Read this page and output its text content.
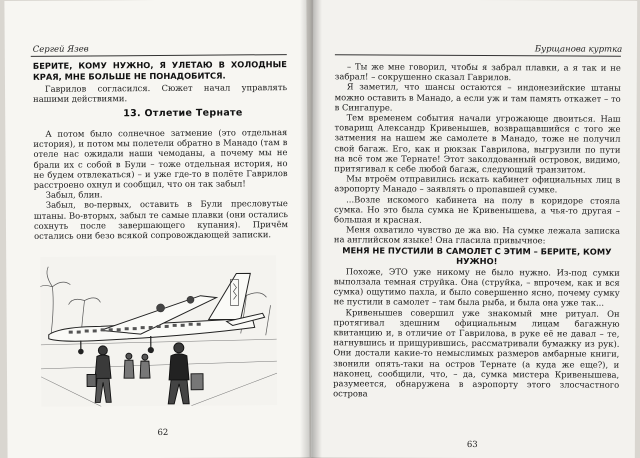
Сергей Язев

БЕРИТЕ, КОМУ НУЖНО, Я УЛЕТАЮ В ХОЛОДНЫЕ КРАЯ, МНЕ БОЛЬШЕ НЕ ПОНАДОБИТСЯ.

Гаврилов согласился. Сюжет начал управлять нашими действиями.

13. Отлетие Тернате

А потом было солнечное затмение (это отдельная история), и потом мы полетели обратно в Манадо (там в отеле нас ожидали наши чемоданы, а почему мы не брали их с собой в Були – тоже отдельная история, но не будем отвлекаться) – и уже где-то в полёте Гаврилов расстроено охнул и сообщил, что он так забыл!

Забыл, блин.

Забыл, во-первых, оставить в Були пресловутые штаны. Во-вторых, забыл те самые плавки (они остались сохнуть после завершающего купания). Причём остались они безо всякой сопровождающей записки.

62
Бурщанова куртка

– Ты же мне говорил, чтобы я забрал плавки, а я так и не забрал! – сокрушенно сказал Гаврилов.

Я заметил, что шансы остаются – индонезийские штаны можно оставить в Манадо, а если уж и там память откажет – то в Сингапуре.

Тем временем события начали угрожающе двоиться. Наш товарищ Александр Кривенышев, возвращавшийся с того же затмения на нашем же самолете в Манадо, тоже не получил свой багаж. Его, как и рюкзак Гаврилова, выгрузили по пути на всё том же Тернате! Этот заколдованный островок, видимо, притягивал к себе любой багаж, следующий транзитом.

Мы втроём отправились искать кабинет официальных лиц в аэропорту Манадо – заявлять о пропавшей сумке.

...Возле искомого кабинета на полу в коридоре стояла сумка. Но это была сумка не Кривенышева, а чья-то другая – большая и красная.

Меня охватило чувство де жа вю. На сумке лежала записка на английском языке! Она гласила привычное:

МЕНЯ НЕ ПУСТИЛИ В САМОЛЕТ С ЭТИМ – БЕРИТЕ, КОМУ НУЖНО!

Похоже, ЭТО уже никому не было нужно. Из-под сумки выползала темная струйка. Она (струйка, – впрочем, как и вся сумка) ощутимо пахла, и было совершенно ясно, почему сумку не пустили в самолет – там была рыба, и была она уже так...

Кривенышев совершил уже знакомый мне ритуал. Он протягивал здешним официальным лицам багажную квитанцию и, в отличие от Гаврилова, в руке её не давал – те, нагнувшись и прищурившись, рассматривали бумажку из рук). Они достали какие-то немыслимых размеров амбарные книги, звонили опять-таки на остров Тернате (а куда же еще?), и наконец, сообщили, что, – да, сумка мистера Кривенышева, разумеется, обнаружена в аэропорту этого злосчастного острова

63
